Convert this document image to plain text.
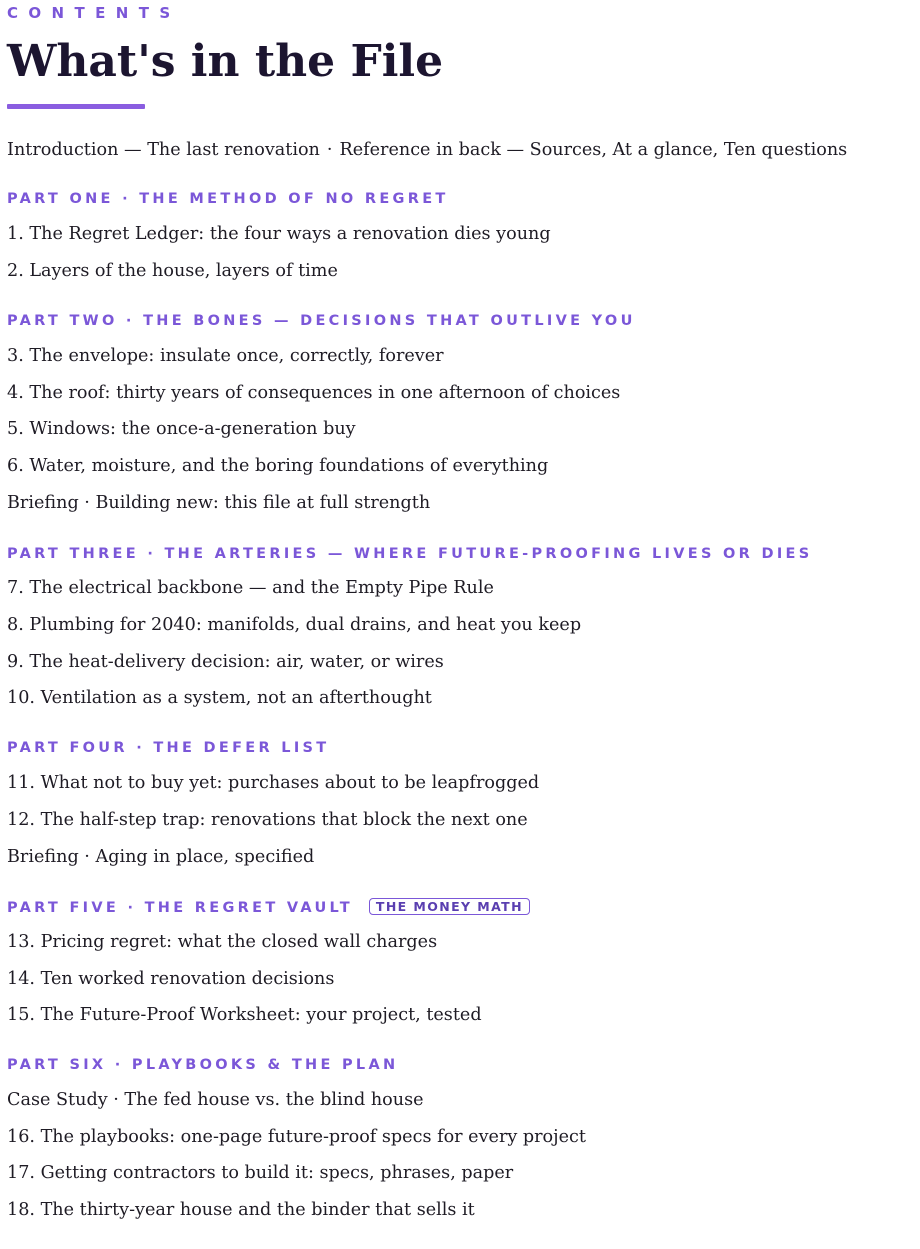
CONTENTS
What's in the File
Introduction — The last renovation · Reference in back — Sources, At a glance, Ten questions
PART ONE · THE METHOD OF NO REGRET
1. The Regret Ledger: the four ways a renovation dies young
2. Layers of the house, layers of time
PART TWO · THE BONES — DECISIONS THAT OUTLIVE YOU
3. The envelope: insulate once, correctly, forever
4. The roof: thirty years of consequences in one afternoon of choices
5. Windows: the once-a-generation buy
6. Water, moisture, and the boring foundations of everything
Briefing · Building new: this file at full strength
PART THREE · THE ARTERIES — WHERE FUTURE-PROOFING LIVES OR DIES
7. The electrical backbone — and the Empty Pipe Rule
8. Plumbing for 2040: manifolds, dual drains, and heat you keep
9. The heat-delivery decision: air, water, or wires
10. Ventilation as a system, not an afterthought
PART FOUR · THE DEFER LIST
11. What not to buy yet: purchases about to be leapfrogged
12. The half-step trap: renovations that block the next one
Briefing · Aging in place, specified
PART FIVE · THE REGRET VAULT THE MONEY MATH
13. Pricing regret: what the closed wall charges
14. Ten worked renovation decisions
15. The Future-Proof Worksheet: your project, tested
PART SIX · PLAYBOOKS & THE PLAN
Case Study · The fed house vs. the blind house
16. The playbooks: one-page future-proof specs for every project
17. Getting contractors to build it: specs, phrases, paper
18. The thirty-year house and the binder that sells it
